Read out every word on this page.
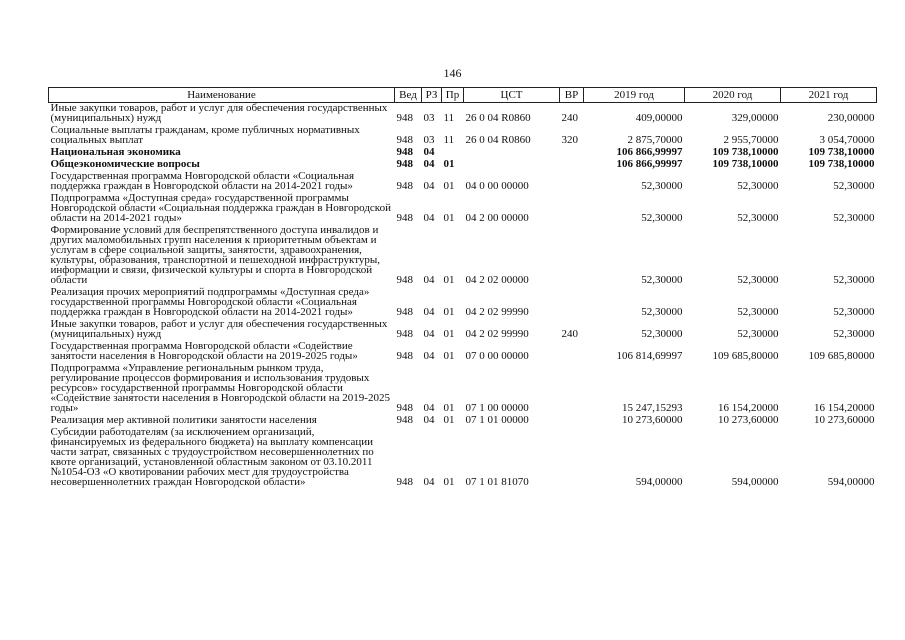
146
Наименование	Вед	РЗ	Пр	ЦСТ	ВР	2019 год	2020 год	2021 год
Иные закупки товаров, работ и услуг для обеспечения государственных (муниципальных) нужд	948	03	11	26 0 04 R0860	240	409,00000	329,00000	230,00000
Социальные выплаты гражданам, кроме публичных нормативных социальных выплат	948	03	11	26 0 04 R0860	320	2 875,70000	2 955,70000	3 054,70000
Национальная экономика	948	04				106 866,99997	109 738,10000	109 738,10000
Общеэкономические вопросы	948	04	01			106 866,99997	109 738,10000	109 738,10000
Государственная программа Новгородской области «Социальная поддержка граждан в Новгородской области на 2014-2021 годы»	948	04	01	04 0 00 00000		52,30000	52,30000	52,30000
Подпрограмма «Доступная среда» государственной программы Новгородской области «Социальная поддержка граждан в Новгородской области на 2014-2021 годы»	948	04	01	04 2 00 00000		52,30000	52,30000	52,30000
Формирование условий для беспрепятственного доступа инвалидов и других маломобильных групп населения к приоритетным объектам и услугам в сфере социальной защиты, занятости, здравоохранения, культуры, образования, транспортной и пешеходной инфраструктуры, информации и связи, физической культуры и спорта в Новгородской области	948	04	01	04 2 02 00000		52,30000	52,30000	52,30000
Реализация прочих мероприятий подпрограммы «Доступная среда» государственной программы Новгородской области «Социальная поддержка граждан в Новгородской области на 2014-2021 годы»	948	04	01	04 2 02 99990		52,30000	52,30000	52,30000
Иные закупки товаров, работ и услуг для обеспечения государственных (муниципальных) нужд	948	04	01	04 2 02 99990	240	52,30000	52,30000	52,30000
Государственная программа Новгородской области «Содействие занятости населения в Новгородской области на 2019-2025 годы»	948	04	01	07 0 00 00000		106 814,69997	109 685,80000	109 685,80000
Подпрограмма «Управление региональным рынком труда, регулирование процессов формирования и использования трудовых ресурсов» государственной программы Новгородской области «Содействие занятости населения в Новгородской области на 2019-2025 годы»	948	04	01	07 1 00 00000		15 247,15293	16 154,20000	16 154,20000
Реализация мер активной политики занятости населения	948	04	01	07 1 01 00000		10 273,60000	10 273,60000	10 273,60000
Субсидии работодателям (за исключением организаций, финансируемых из федерального бюджета) на выплату компенсации части затрат, связанных с трудоустройством несовершеннолетних по квоте организаций, установленной областным законом от 03.10.2011 №1054-ОЗ «О квотировании рабочих мест для трудоустройства несовершеннолетних граждан Новгородской области»	948	04	01	07 1 01 81070		594,00000	594,00000	594,00000
